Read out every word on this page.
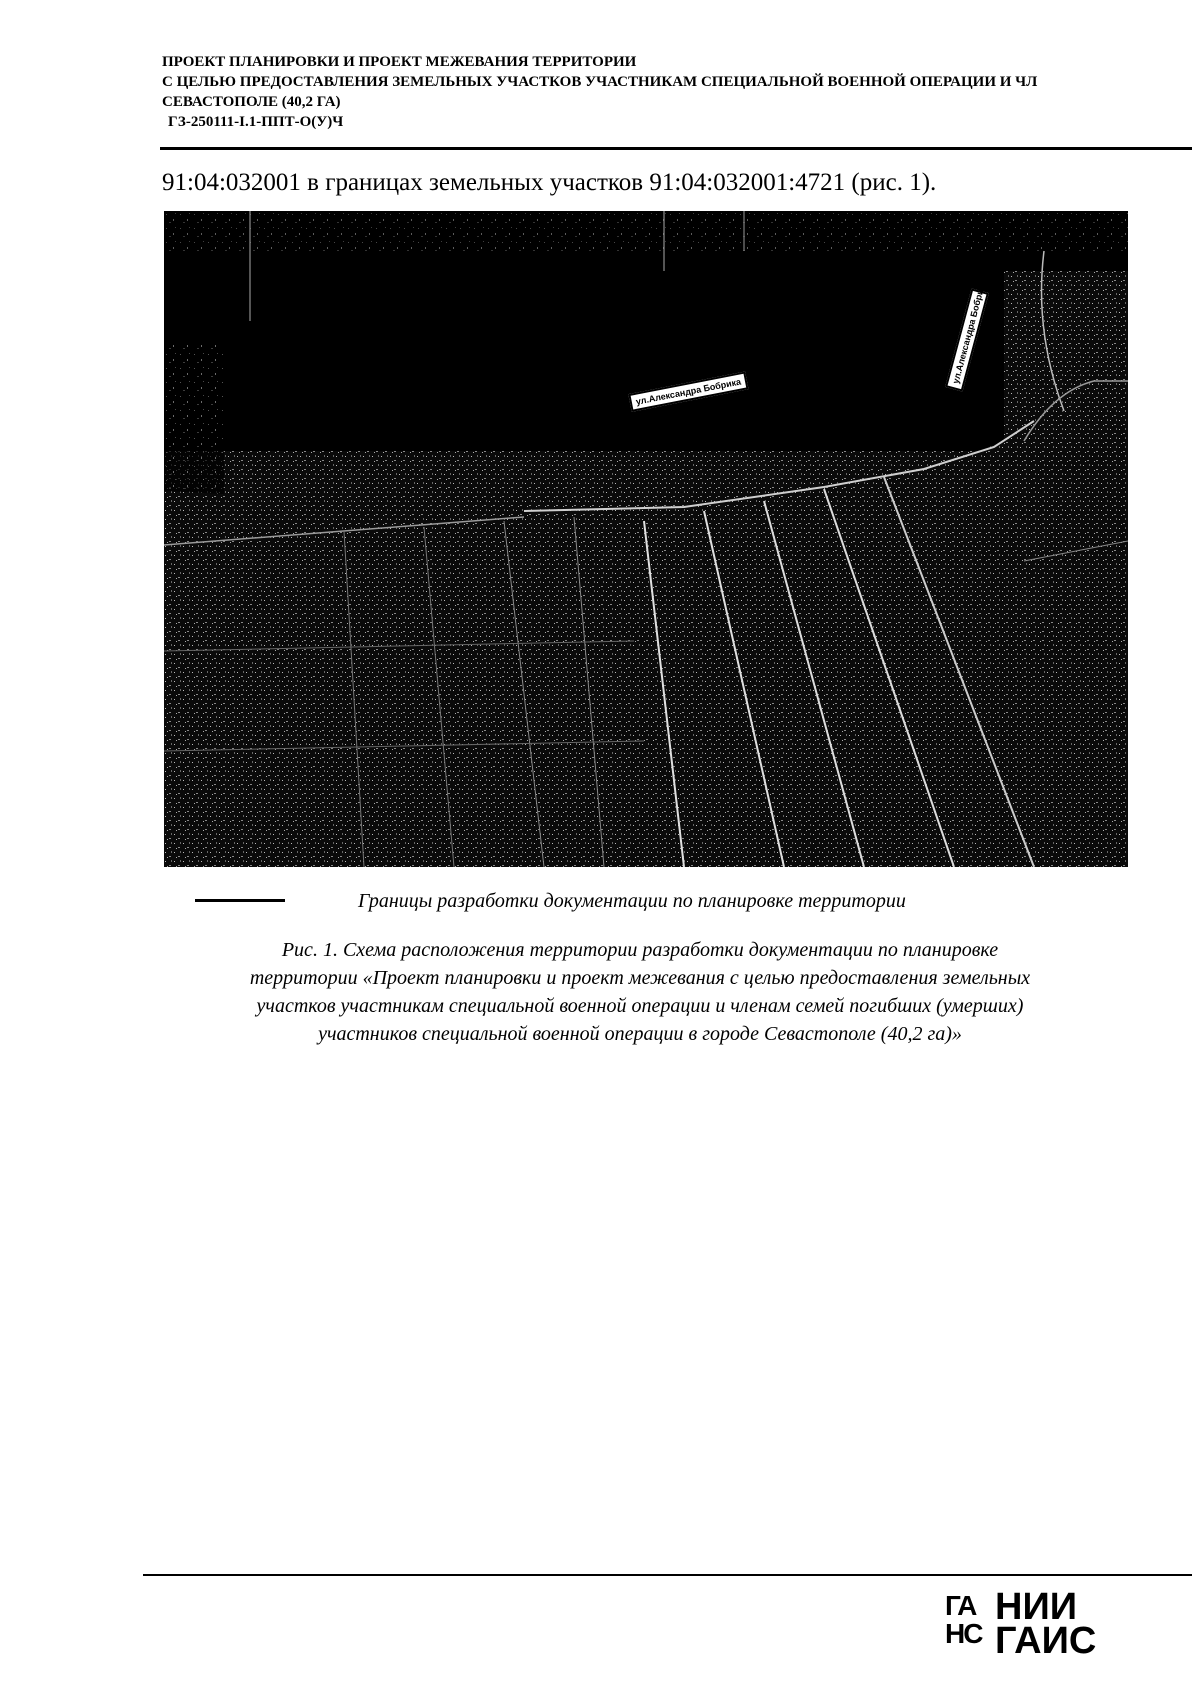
ПРОЕКТ ПЛАНИРОВКИ И ПРОЕКТ МЕЖЕВАНИЯ ТЕРРИТОРИИ
С ЦЕЛЬЮ ПРЕДОСТАВЛЕНИЯ ЗЕМЕЛЬНЫХ УЧАСТКОВ УЧАСТНИКАМ СПЕЦИАЛЬНОЙ ВОЕННОЙ ОПЕРАЦИИ И ЧЛ
СЕВАСТОПОЛЕ (40,2 ГА)
ГЗ-250111-I.1-ППТ-О(У)Ч
91:04:032001 в границах земельных участков 91:04:032001:4721 (рис. 1).
ул.Александра Бобрика
ул.Александра Бобрика
Границы разработки документации по планировке территории

Рис. 1. Схема расположения территории разработки документации по планировке

территории «Проект планировки и проект межевания с целью предоставления земельных

участков участникам специальной военной операции и членам семей погибших (умерших)

участников специальной военной операции в городе Севастополе (40,2 га)»

ГА
НС
НИИ
ГАИС
